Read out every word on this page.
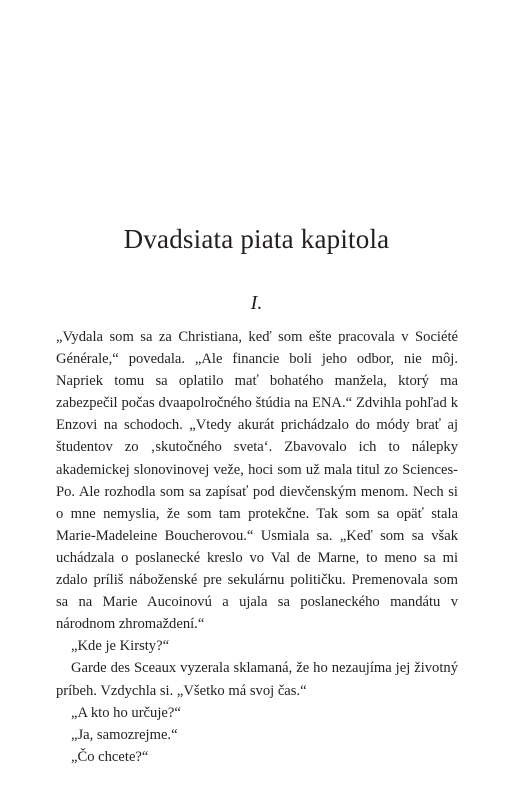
Dvadsiata piata kapitola
I.

„Vydala som sa za Christiana, keď som ešte pracovala v Société Générale,“ povedala. „Ale financie boli jeho odbor, nie môj. Napriek tomu sa oplatilo mať bohatého manžela, ktorý ma zabezpečil počas dvaapolročného štúdia na ENA.“ Zdvihla pohľad k Enzovi na schodoch. „Vtedy akurát prichádzalo do módy brať aj študentov zo ‚skutočného sveta‘. Zbavovalo ich to nálepky akademickej slonovinovej veže, hoci som už mala titul zo Sciences-Po. Ale rozhodla som sa zapísať pod dievčenským menom. Nech si o mne nemyslia, že som tam protekčne. Tak som sa opäť stala Marie-Madeleine Boucherovou.“ Usmiala sa. „Keď som sa však uchádzala o poslanecké kreslo vo Val de Marne, to meno sa mi zdalo príliš náboženské pre sekulárnu političku. Premenovala som sa na Marie Aucoinovú a ujala sa poslaneckého mandátu v národnom zhromaždení.“

„Kde je Kirsty?“

Garde des Sceaux vyzerala sklamaná, že ho nezaujíma jej životný príbeh. Vzdychla si. „Všetko má svoj čas.“

„A kto ho určuje?“

„Ja, samozrejme.“

„Čo chcete?“
